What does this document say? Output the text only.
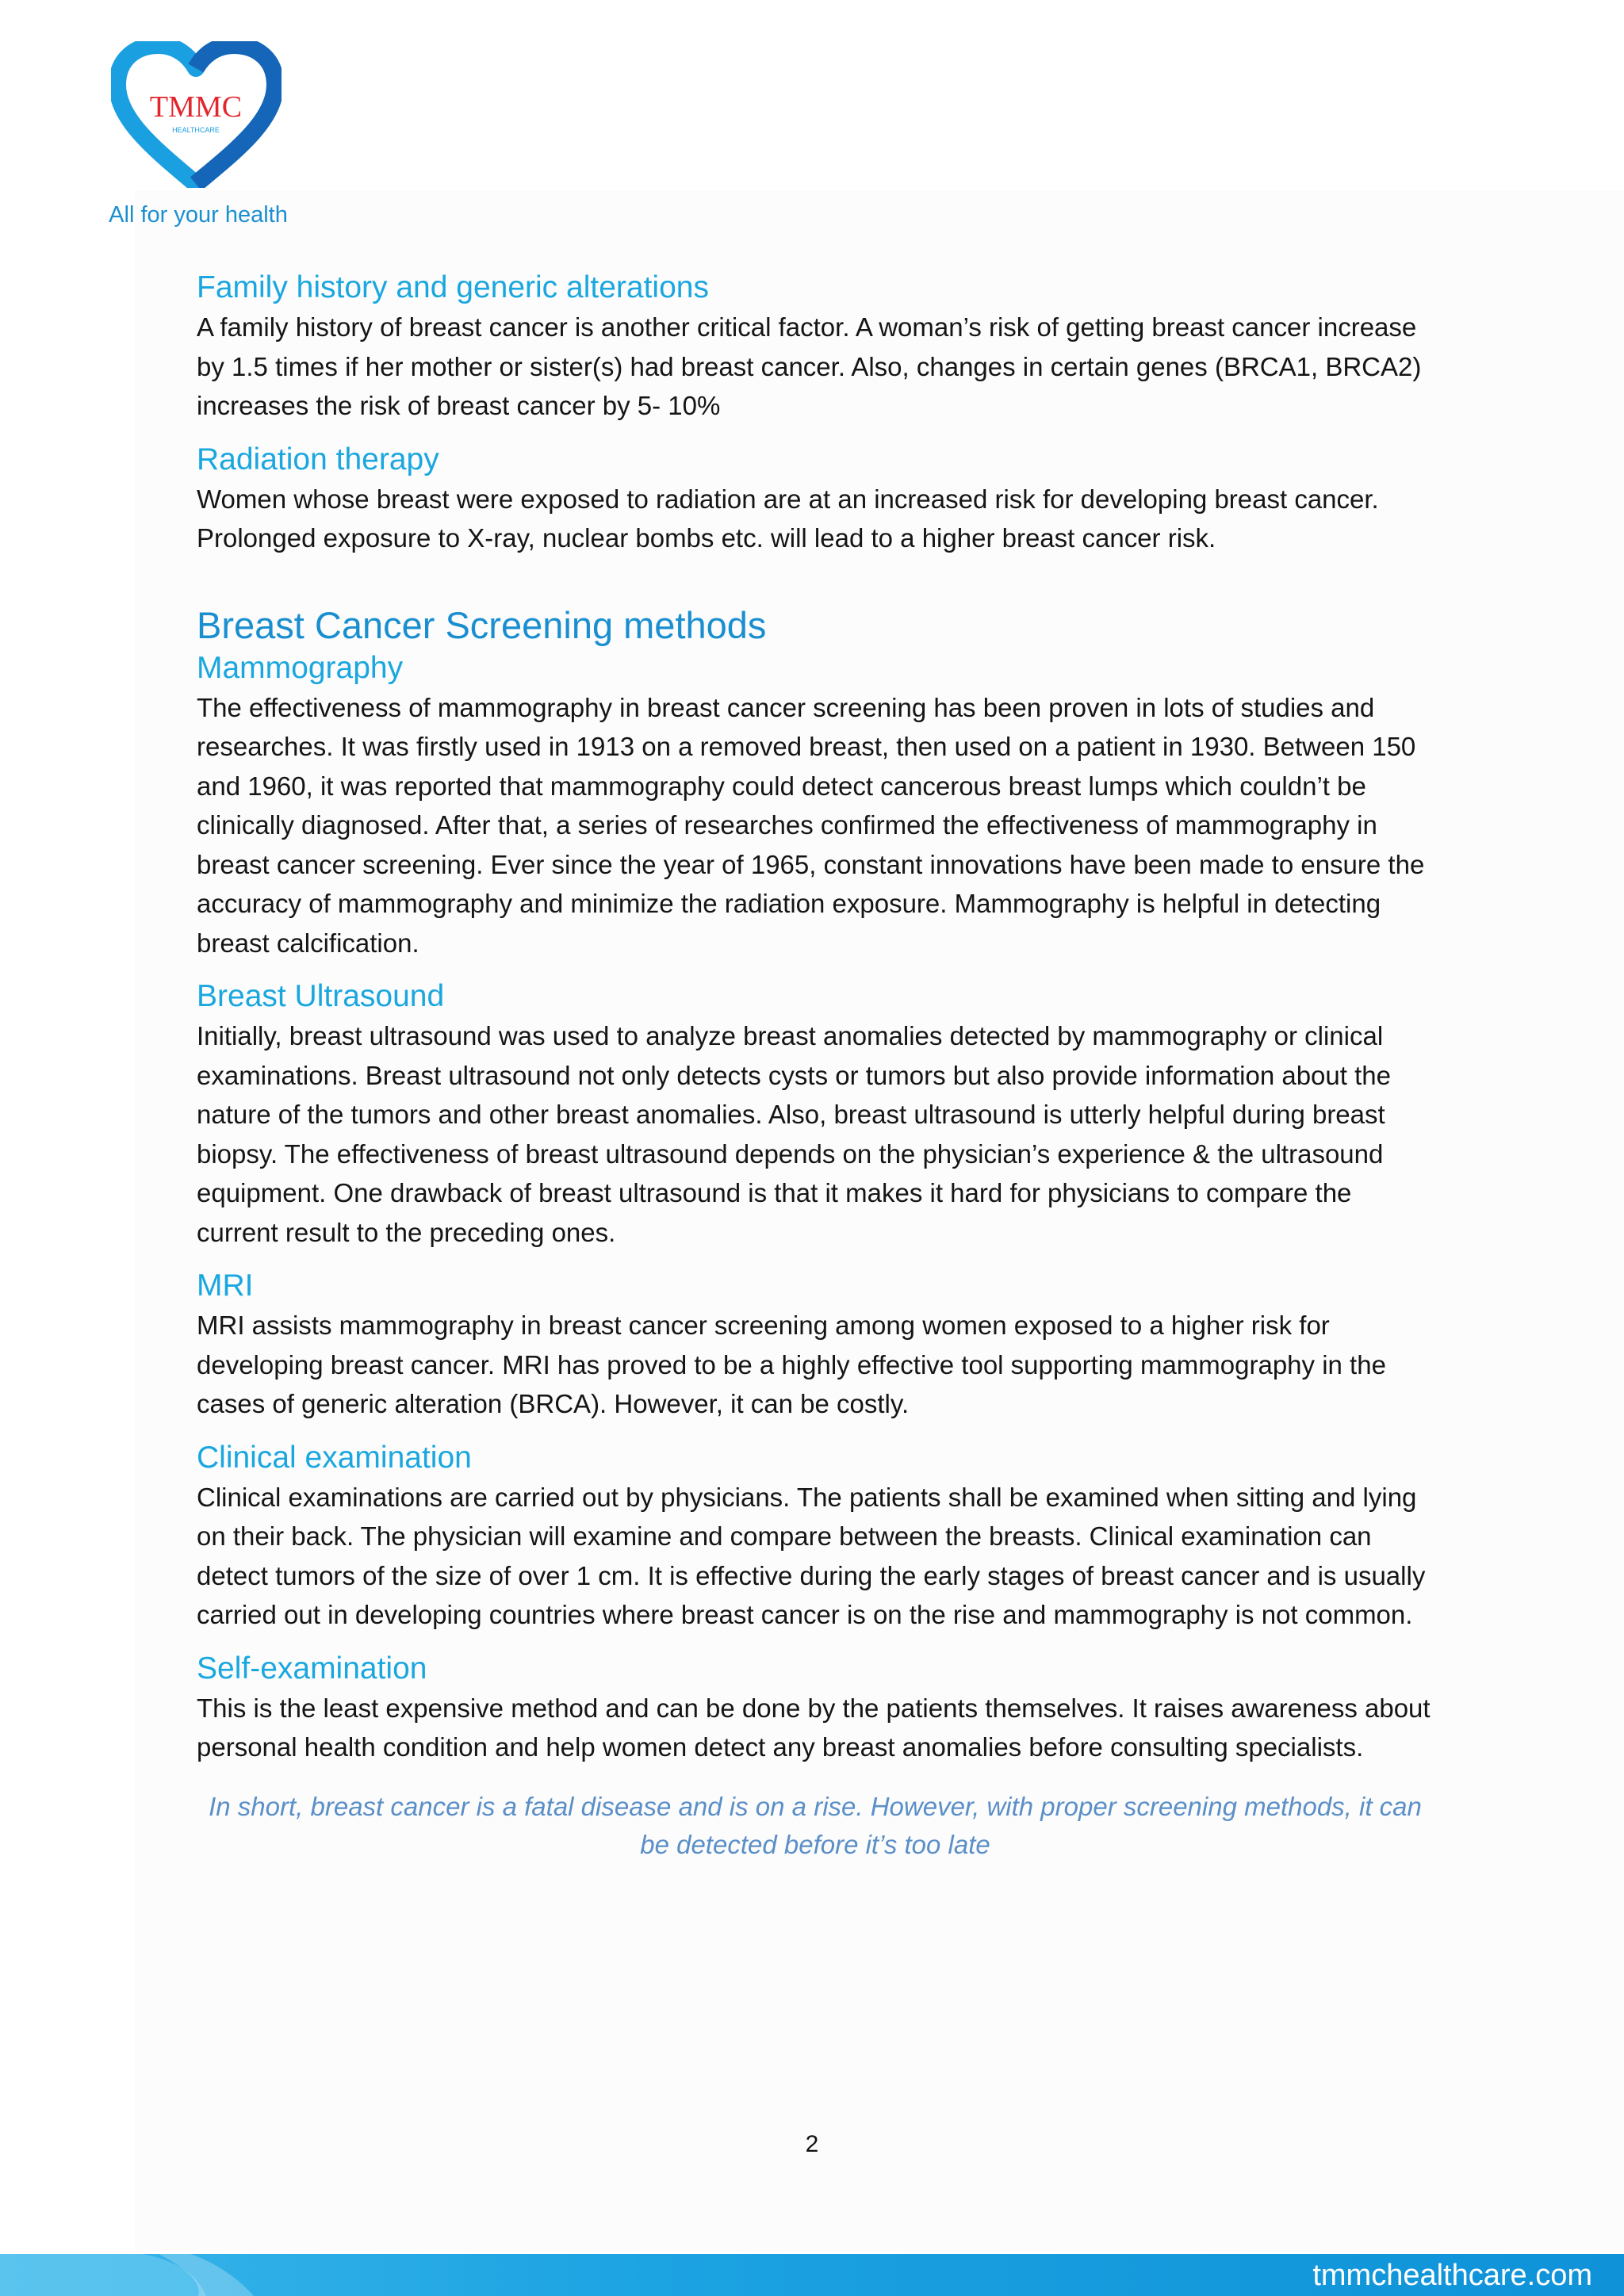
TMMC
HEALTHCARE
All for your health
Family history and generic alterations

A family history of breast cancer is another critical factor. A woman’s risk of getting breast cancer increase by 1.5 times if her mother or sister(s) had breast cancer. Also, changes in certain genes (BRCA1, BRCA2) increases the risk of breast cancer by 5- 10%

Radiation therapy

Women whose breast were exposed to radiation are at an increased risk for developing breast cancer. Prolonged exposure to X-ray, nuclear bombs etc. will lead to a higher breast cancer risk.

Breast Cancer Screening methods
Mammography

The effectiveness of mammography in breast cancer screening has been proven in lots of studies and researches. It was firstly used in 1913 on a removed breast, then used on a patient in 1930. Between 150 and 1960, it was reported that mammography could detect cancerous breast lumps which couldn’t be clinically diagnosed. After that, a series of researches confirmed the effectiveness of mammography in breast cancer screening. Ever since the year of 1965, constant innovations have been made to ensure the accuracy of mammography and minimize the radiation exposure. Mammography is helpful in detecting breast calcification.

Breast Ultrasound

Initially, breast ultrasound was used to analyze breast anomalies detected by mammography or clinical examinations. Breast ultrasound not only detects cysts or tumors but also provide information about the nature of the tumors and other breast anomalies. Also, breast ultrasound is utterly helpful during breast biopsy. The effectiveness of breast ultrasound depends on the physician’s experience & the ultrasound equipment. One drawback of breast ultrasound is that it makes it hard for physicians to compare the current result to the preceding ones.

MRI

MRI assists mammography in breast cancer screening among women exposed to a higher risk for developing breast cancer. MRI has proved to be a highly effective tool supporting mammography in the cases of generic alteration (BRCA). However, it can be costly.

Clinical examination

Clinical examinations are carried out by physicians. The patients shall be examined when sitting and lying on their back. The physician will examine and compare between the breasts. Clinical examination can detect tumors of the size of over 1 cm. It is effective during the early stages of breast cancer and is usually carried out in developing countries where breast cancer is on the rise and mammography is not common.

Self-examination

This is the least expensive method and can be done by the patients themselves. It raises awareness about personal health condition and help women detect any breast anomalies before consulting specialists.

In short, breast cancer is a fatal disease and is on a rise. However, with proper screening methods, it can be detected before it’s too late

2
tmmchealthcare.com
